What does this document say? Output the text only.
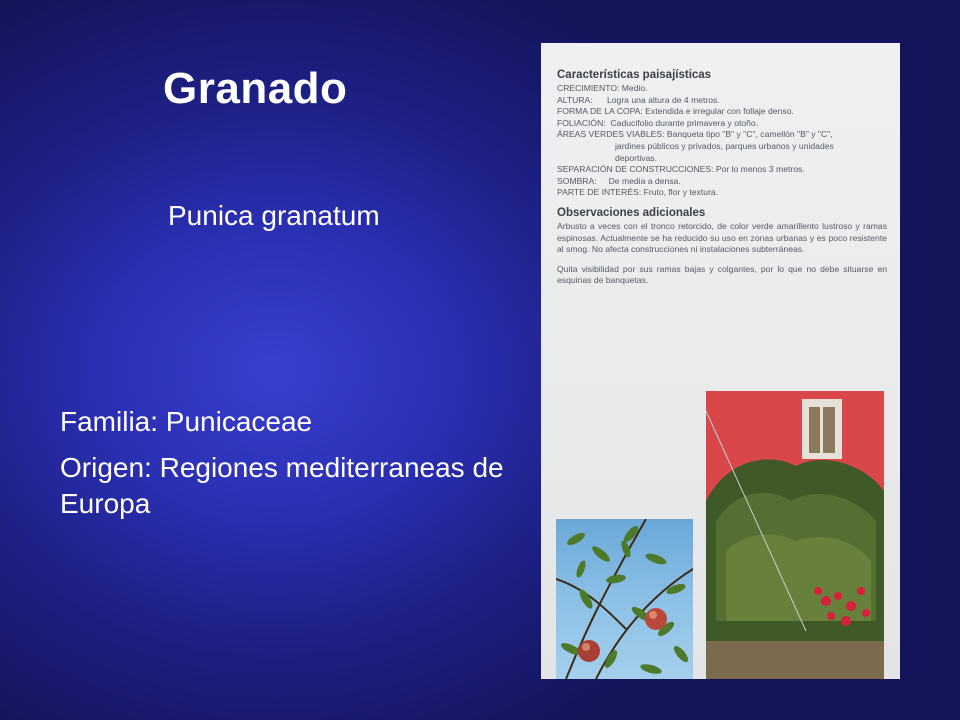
Granado
Punica granatum

Familia: Punicaceae

Origen: Regiones mediterraneas de Europa

Características paisajísticas
CRECIMIENTO: Medio.
ALTURA:      Logra una altura de 4 metros.
FORMA DE LA COPA: Extendida e irregular con follaje denso.
FOLIACIÓN:  Caducifolio durante primavera y otoño.
ÁREAS VERDES VIABLES: Banqueta tipo "B" y "C", camellón "B" y "C",
jardines públicos y privados, parques urbanos y unidades
deportivas.
SEPARACIÓN DE CONSTRUCCIONES: Por lo menos 3 metros.
SOMBRA:     De media a densa.
PARTE DE INTERÉS: Fruto, flor y textura.
Observaciones adicionales
Arbusto a veces con el tronco retorcido, de color verde amarillento lustroso y ramas espinosas. Actualmente se ha reducido su uso en zonas urbanas y es poco resistente al smog. No afecta construcciones ni instalaciones subterráneas.
Quita visibilidad por sus ramas bajas y colgantes, por lo que no debe situarse en esquinas de banquetas.
